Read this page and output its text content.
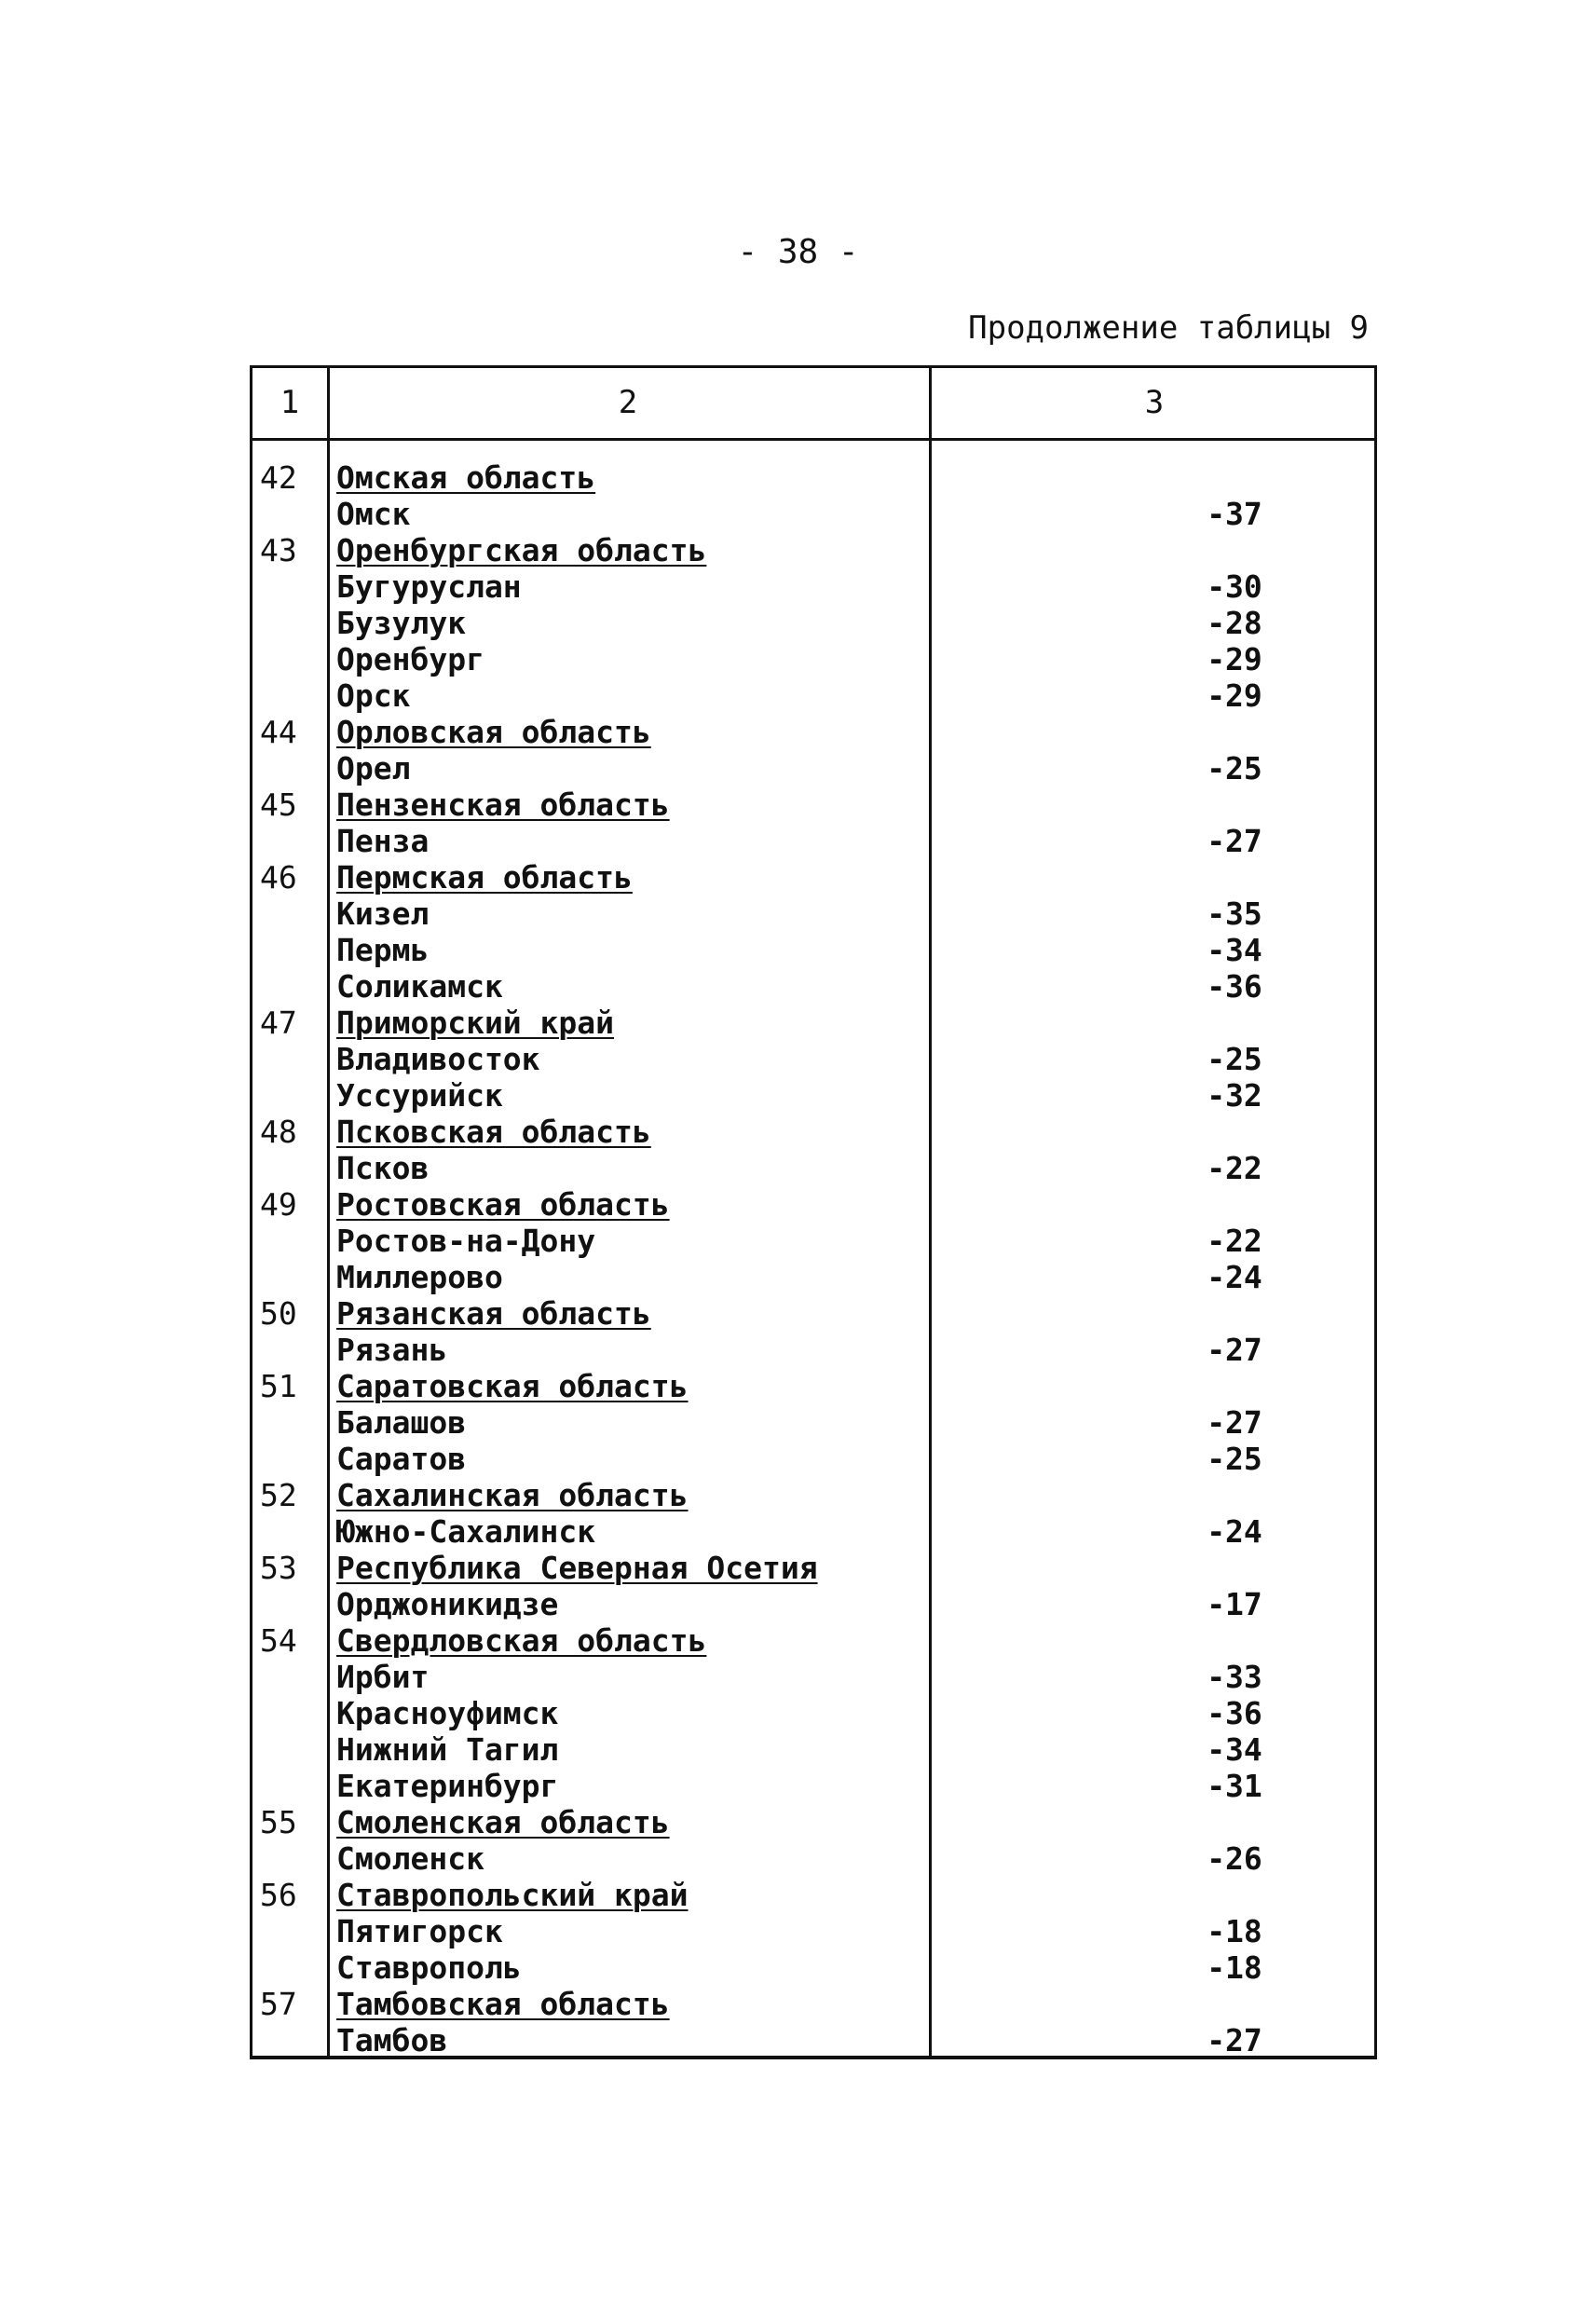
- 38 -
Продолжение таблицы 9
1	2	3
42	Омская область
Омск	-37
43	Оренбургская область
Бугуруслан	-30
Бузулук	-28
Оренбург	-29
Орск	-29
44	Орловская область
Орел	-25
45	Пензенская область
Пенза	-27
46	Пермская область
Кизел	-35
Пермь	-34
Соликамск	-36
47	Приморский край
Владивосток	-25
Уссурийск	-32
48	Псковская область
Псков	-22
49	Ростовская область
Ростов-на-Дону	-22
Миллерово	-24
50	Рязанская область
Рязань	-27
51	Саратовская область
Балашов	-27
Саратов	-25
52	Сахалинская область
Южно-Сахалинск	-24
53	Республика Северная Осетия
Орджоникидзе	-17
54	Свердловская область
Ирбит	-33
Красноуфимск	-36
Нижний Тагил	-34
Екатеринбург	-31
55	Смоленская область
Смоленск	-26
56	Ставропольский край
Пятигорск	-18
Ставрополь	-18
57	Тамбовская область
Тамбов	-27
